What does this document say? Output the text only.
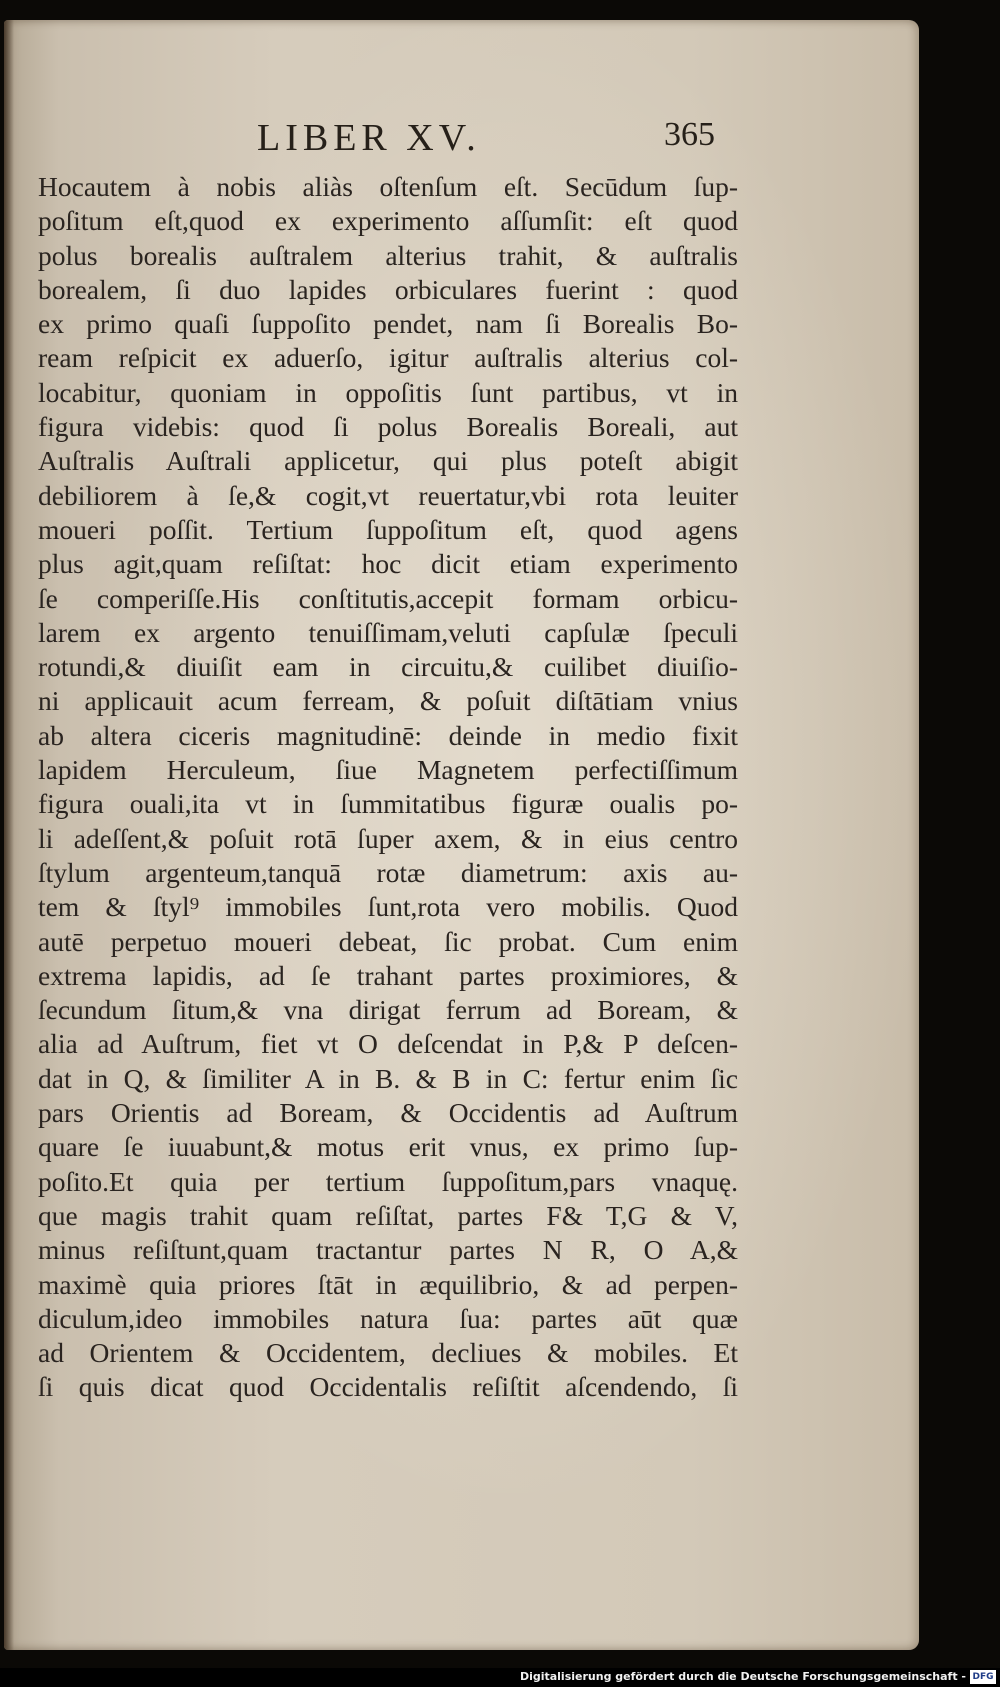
LIBER XV.	365
Hocautem à nobis aliàs oſtenſum eſt. Secūdum ſup-
poſitum eſt,quod ex experimento aſſumſit: eſt quod
polus borealis auſtralem alterius trahit, & auſtralis
borealem, ſi duo lapides orbiculares fuerint : quod
ex primo quaſi ſuppoſito pendet, nam ſi Borealis Bo-
ream reſpicit ex aduerſo, igitur auſtralis alterius col-
locabitur, quoniam in oppoſitis ſunt partibus, vt in
figura videbis: quod ſi polus Borealis Boreali, aut
Auſtralis Auſtrali applicetur, qui plus poteſt abigit
debiliorem à ſe,& cogit,vt reuertatur,vbi rota leuiter
moueri poſſit. Tertium ſuppoſitum eſt, quod agens
plus agit,quam reſiſtat: hoc dicit etiam experimento
ſe comperiſſe.His conſtitutis,accepit formam orbicu-
larem ex argento tenuiſſimam,veluti capſulæ ſpeculi
rotundi,& diuiſit eam in circuitu,& cuilibet diuiſio-
ni applicauit acum ferream, & poſuit diſtātiam vnius
ab altera ciceris magnitudinē: deinde in medio fixit
lapidem Herculeum, ſiue Magnetem perfectiſſimum
figura ouali,ita vt in ſummitatibus figuræ oualis po-
li adeſſent,& poſuit rotā ſuper axem, & in eius centro
ſtylum argenteum,tanquā rotæ diametrum: axis au-
tem & ſtyl⁹ immobiles ſunt,rota vero mobilis. Quod
autē perpetuo moueri debeat, ſic probat. Cum enim
extrema lapidis, ad ſe trahant partes proximiores, &
ſecundum ſitum,& vna dirigat ferrum ad Boream, &
alia ad Auſtrum, fiet vt O deſcendat in P,& P deſcen-
dat in Q, & ſimiliter A in B. & B in C: fertur enim ſic
pars Orientis ad Boream, & Occidentis ad Auſtrum
quare ſe iuuabunt,& motus erit vnus, ex primo ſup-
poſito.Et quia per tertium ſuppoſitum,pars vnaquę.
que magis trahit quam reſiſtat, partes F& T,G & V,
minus reſiſtunt,quam tractantur partes N R, O A,&
maximè quia priores ſtāt in æquilibrio, & ad perpen-
diculum,ideo immobiles natura ſua: partes aūt quæ
ad Orientem & Occidentem, decliues & mobiles. Et
ſi quis dicat quod Occidentalis reſiſtit aſcendendo, ſi
Digitalisierung gefördert durch die Deutsche Forschungsgemeinschaft - DFG
